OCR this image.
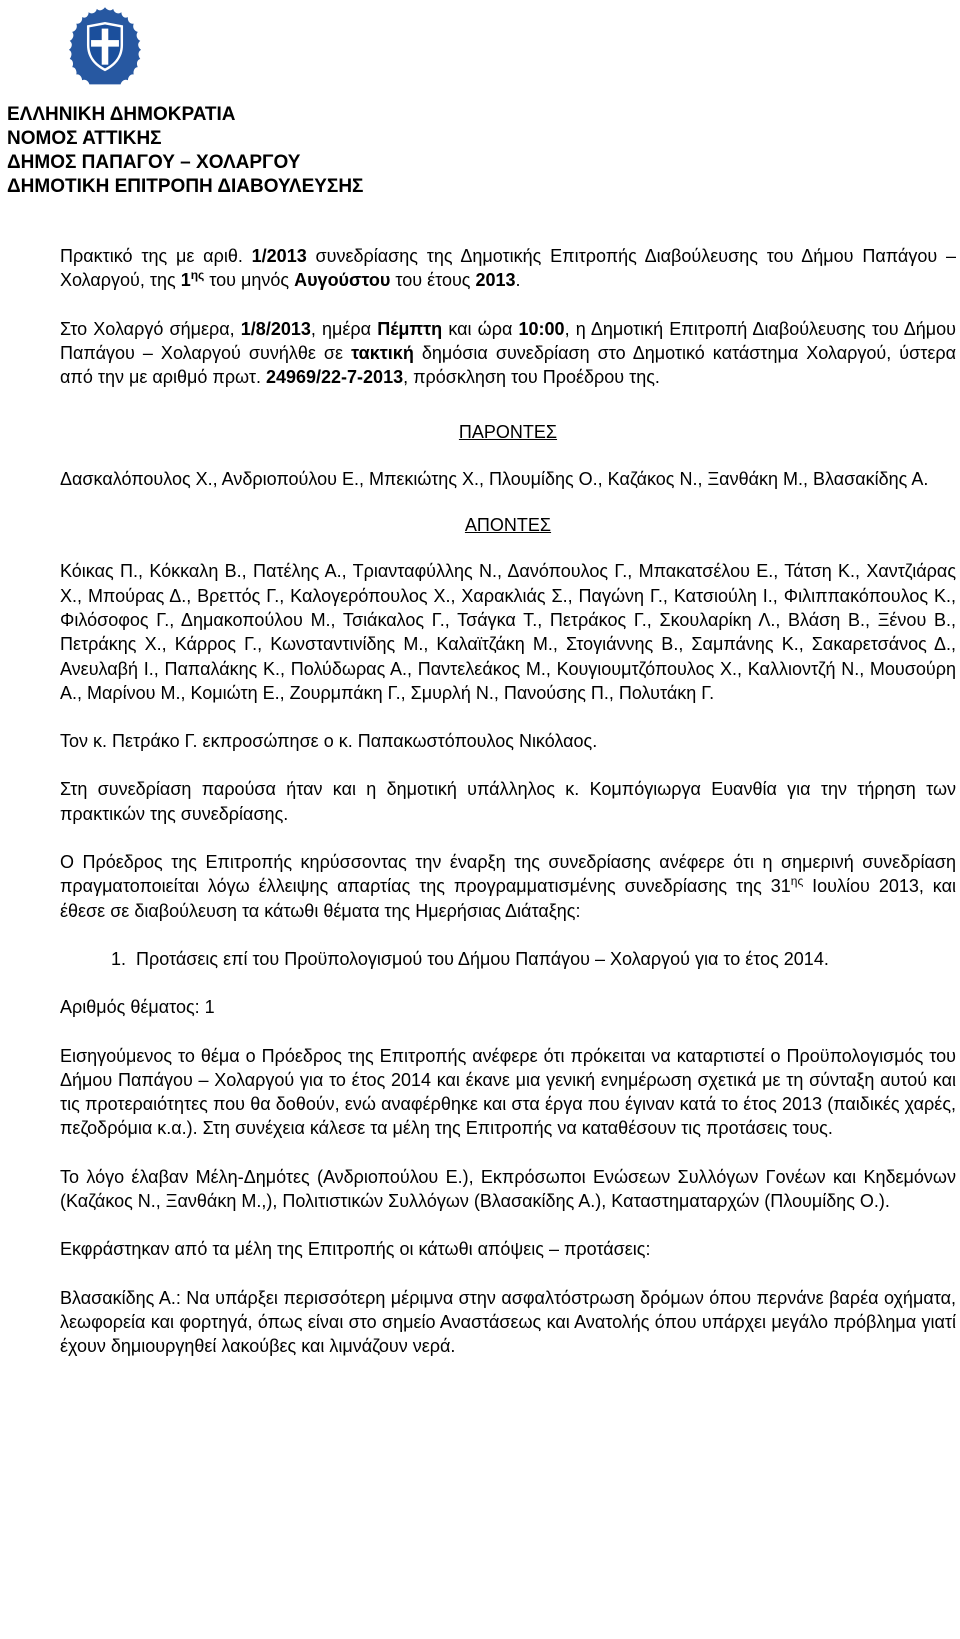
ΕΛΛΗΝΙΚΗ ΔΗΜΟΚΡΑΤΙΑ
ΝΟΜΟΣ ΑΤΤΙΚΗΣ
ΔΗΜΟΣ ΠΑΠΑΓΟΥ – ΧΟΛΑΡΓΟΥ
ΔΗΜΟΤΙΚΗ ΕΠΙΤΡΟΠΗ ΔΙΑΒΟΥΛΕΥΣΗΣ

Πρακτικό της με αριθ. 1/2013 συνεδρίασης της Δημοτικής Επιτροπής Διαβούλευσης του Δήμου Παπάγου – Χολαργού, της $1^{\eta\varsigma}$ του μηνός Αυγούστου του έτους 2013.

Στο Χολαργό σήμερα, 1/8/2013, ημέρα Πέμπτη και ώρα 10:00, η Δημοτική Επιτροπή Διαβούλευσης του Δήμου Παπάγου – Χολαργού συνήλθε σε τακτική δημόσια συνεδρίαση στο Δημοτικό κατάστημα Χολαργού, ύστερα από την με αριθμό πρωτ. 24969/22-7-2013, πρόσκληση του Προέδρου της.

ΠΑΡΟΝΤΕΣ

Δασκαλόπουλος Χ., Ανδριοπούλου Ε., Μπεκιώτης Χ., Πλουμίδης Ο., Καζάκος Ν., Ξανθάκη Μ., Βλασακίδης Α.

ΑΠΟΝΤΕΣ

Κόικας Π., Κόκκαλη Β., Πατέλης Α., Τριανταφύλλης Ν., Δανόπουλος Γ., Μπακατσέλου Ε., Τάτση Κ., Χαντζιάρας Χ., Μπούρας Δ., Βρεττός Γ., Καλογερόπουλος Χ., Χαρακλιάς Σ., Παγώνη Γ., Κατσιούλη Ι., Φιλιππακόπουλος Κ., Φιλόσοφος Γ., Δημακοπούλου Μ., Τσιάκαλος Γ., Τσάγκα Τ., Πετράκος Γ., Σκουλαρίκη Λ., Βλάση Β., Ξένου Β., Πετράκης Χ., Κάρρος Γ., Κωνσταντινίδης Μ., Καλαϊτζάκη Μ., Στογιάννης Β., Σαμπάνης Κ., Σακαρετσάνος Δ., Ανευλαβή Ι., Παπαλάκης Κ., Πολύδωρας Α., Παντελεάκος Μ., Κουγιουμτζόπουλος Χ., Καλλιοντζή Ν., Μουσούρη Α., Μαρίνου Μ., Κομιώτη Ε., Ζουρμπάκη Γ., Σμυρλή Ν., Πανούσης Π., Πολυτάκη Γ.

Τον κ. Πετράκο Γ. εκπροσώπησε ο κ. Παπακωστόπουλος Νικόλαος.

Στη συνεδρίαση παρούσα ήταν και η δημοτική υπάλληλος κ. Κομπόγιωργα Ευανθία για την τήρηση των πρακτικών της συνεδρίασης.

Ο Πρόεδρος της Επιτροπής κηρύσσοντας την έναρξη της συνεδρίασης ανέφερε ότι η σημερινή συνεδρίαση πραγματοποιείται λόγω έλλειψης απαρτίας της προγραμματισμένης συνεδρίασης της $31^{\eta\varsigma}$ Ιουλίου 2013, και έθεσε σε διαβούλευση τα κάτωθι θέματα της Ημερήσιας Διάταξης:

1. Προτάσεις επί του Προϋπολογισμού του Δήμου Παπάγου – Χολαργού για το έτος 2014.

Αριθμός θέματος: 1

Εισηγούμενος το θέμα ο Πρόεδρος της Επιτροπής ανέφερε ότι πρόκειται να καταρτιστεί ο Προϋπολογισμός του Δήμου Παπάγου – Χολαργού για το έτος 2014 και έκανε μια γενική ενημέρωση σχετικά με τη σύνταξη αυτού και τις προτεραιότητες που θα δοθούν, ενώ αναφέρθηκε και στα έργα που έγιναν κατά το έτος 2013 (παιδικές χαρές, πεζοδρόμια κ.α.). Στη συνέχεια κάλεσε τα μέλη της Επιτροπής να καταθέσουν τις προτάσεις τους.

Το λόγο έλαβαν Μέλη-Δημότες (Ανδριοπούλου Ε.), Εκπρόσωποι Ενώσεων Συλλόγων Γονέων και Κηδεμόνων (Καζάκος Ν., Ξανθάκη Μ.,), Πολιτιστικών Συλλόγων (Βλασακίδης Α.), Καταστηματαρχών (Πλουμίδης Ο.).

Εκφράστηκαν από τα μέλη της Επιτροπής οι κάτωθι απόψεις – προτάσεις:

Βλασακίδης Α.: Να υπάρξει περισσότερη μέριμνα στην ασφαλτόστρωση δρόμων όπου περνάνε βαρέα οχήματα, λεωφορεία και φορτηγά, όπως είναι στο σημείο Αναστάσεως και Ανατολής όπου υπάρχει μεγάλο πρόβλημα γιατί έχουν δημιουργηθεί λακούβες και λιμνάζουν νερά.
